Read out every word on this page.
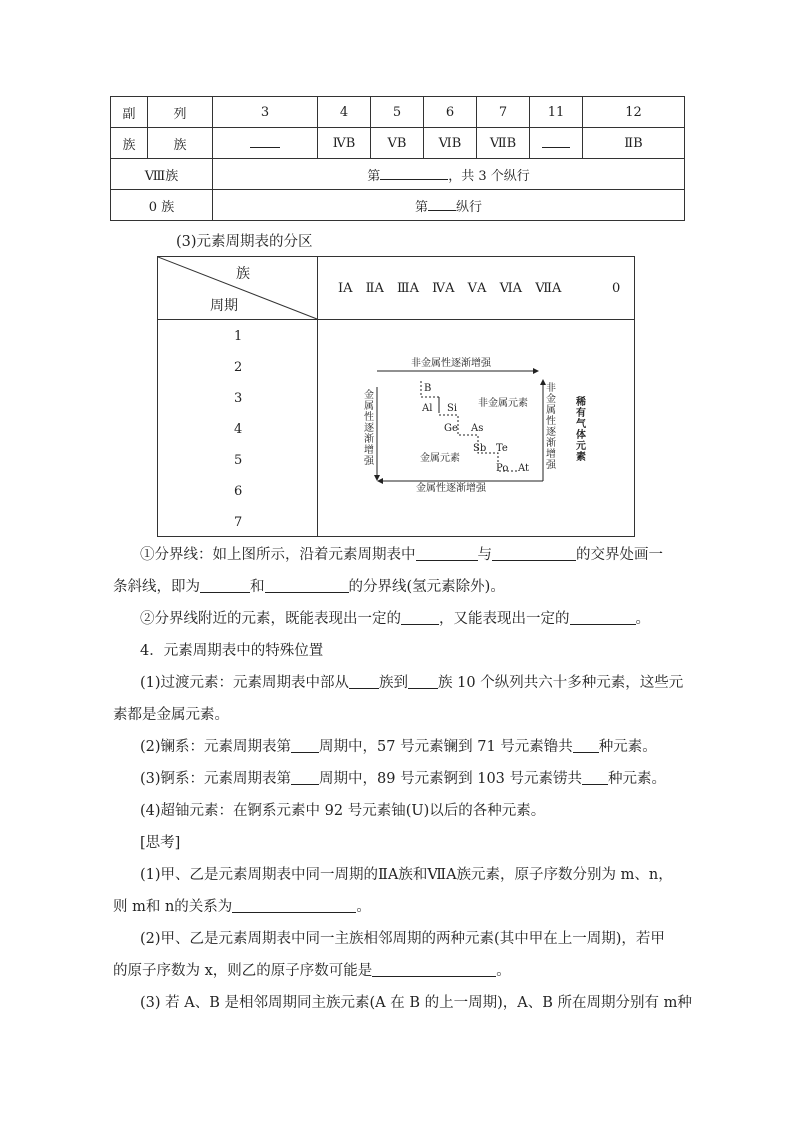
副	列	3	4	5	6	7	11	12
族	族		ⅣB	ⅤB	ⅥB	ⅦB		ⅡB
Ⅷ族		第 ，共 3 个纵行						
0 族		第 纵行						
(3)元素周期表的分区
族
周期
ⅠA ⅡA ⅢA ⅣA ⅤA ⅥA ⅦA	0
1
2
3
4
5
6
7
非金属性逐渐增强
金属性逐渐增强
金属性逐渐增强
非金属性逐渐增强
稀有气体元素
非金属元素
金属元素
B
Al Si
Ge As
Sb Te
Po At
①分界线：如上图所示，沿着元素周期表中	与	的交界处画一
条斜线，即为	和	的分界线(氢元素除外)。
②分界线附近的元素，既能表现出一定的	，又能表现出一定的	。
4．元素周期表中的特殊位置
(1)过渡元素：元素周期表中部从 族到 族 10 个纵列共六十多种元素，这些元
素都是金属元素。
(2)镧系：元素周期表第 周期中，57 号元素镧到 71 号元素镥共 种元素。
(3)锕系：元素周期表第 周期中，89 号元素锕到 103 号元素铹共 种元素。
(4)超铀元素：在锕系元素中 92 号元素铀(U)以后的各种元素。
[思考]
(1)甲、乙是元素周期表中同一周期的ⅡA族和ⅦA族元素，原子序数分别为 m、n，
则 m和 n的关系为	。
(2)甲、乙是元素周期表中同一主族相邻周期的两种元素(其中甲在上一周期)，若甲
的原子序数为 x，则乙的原子序数可能是	。
(3) 若 A、B 是相邻周期同主族元素(A 在 B 的上一周期)，A、B 所在周期分别有 m种
